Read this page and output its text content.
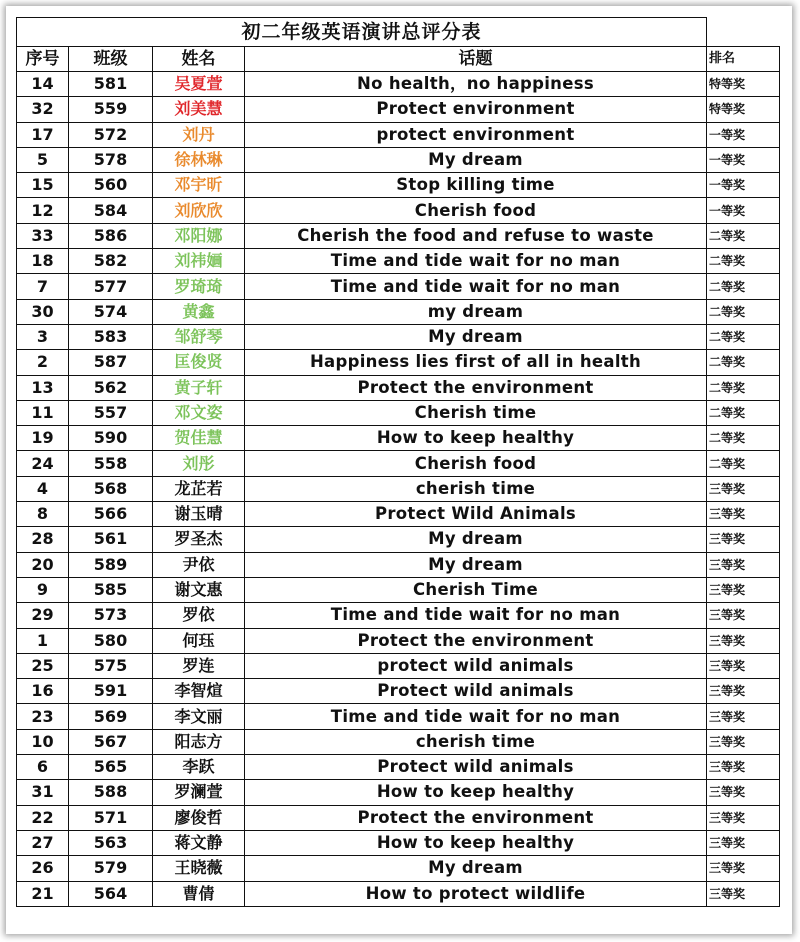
初二年级英语演讲总评分表				
序号	班级	姓名	话题	排名
14	581	吴夏萱	No health，no happiness	特等奖
32	559	刘美慧	Protect environment	特等奖
17	572	刘丹	protect environment	一等奖
5	578	徐林琳	My dream	一等奖
15	560	邓宇昕	Stop killing time	一等奖
12	584	刘欣欣	Cherish food	一等奖
33	586	邓阳娜	Cherish the food and refuse to waste	二等奖
18	582	刘祎婳	Time and tide wait for no man	二等奖
7	577	罗琦琦	Time and tide wait for no man	二等奖
30	574	黄鑫	my dream	二等奖
3	583	邹舒琴	My dream	二等奖
2	587	匡俊贤	Happiness lies first of all in health	二等奖
13	562	黄子轩	Protect the environment	二等奖
11	557	邓文姿	Cherish time	二等奖
19	590	贺佳慧	How to keep healthy	二等奖
24	558	刘彤	Cherish food	二等奖
4	568	龙芷若	cherish time	三等奖
8	566	谢玉晴	Protect Wild Animals	三等奖
28	561	罗圣杰	My dream	三等奖
20	589	尹依	My dream	三等奖
9	585	谢文惠	Cherish Time	三等奖
29	573	罗依	Time and tide wait for no man	三等奖
1	580	何珏	Protect the environment	三等奖
25	575	罗连	protect wild animals	三等奖
16	591	李智煊	Protect wild animals	三等奖
23	569	李文丽	Time and tide wait for no man	三等奖
10	567	阳志方	cherish time	三等奖
6	565	李跃	Protect wild animals	三等奖
31	588	罗澜萱	How to keep healthy	三等奖
22	571	廖俊哲	Protect the environment	三等奖
27	563	蒋文静	How to keep healthy	三等奖
26	579	王晓薇	My dream	三等奖
21	564	曹倩	How to protect wildlife	三等奖
